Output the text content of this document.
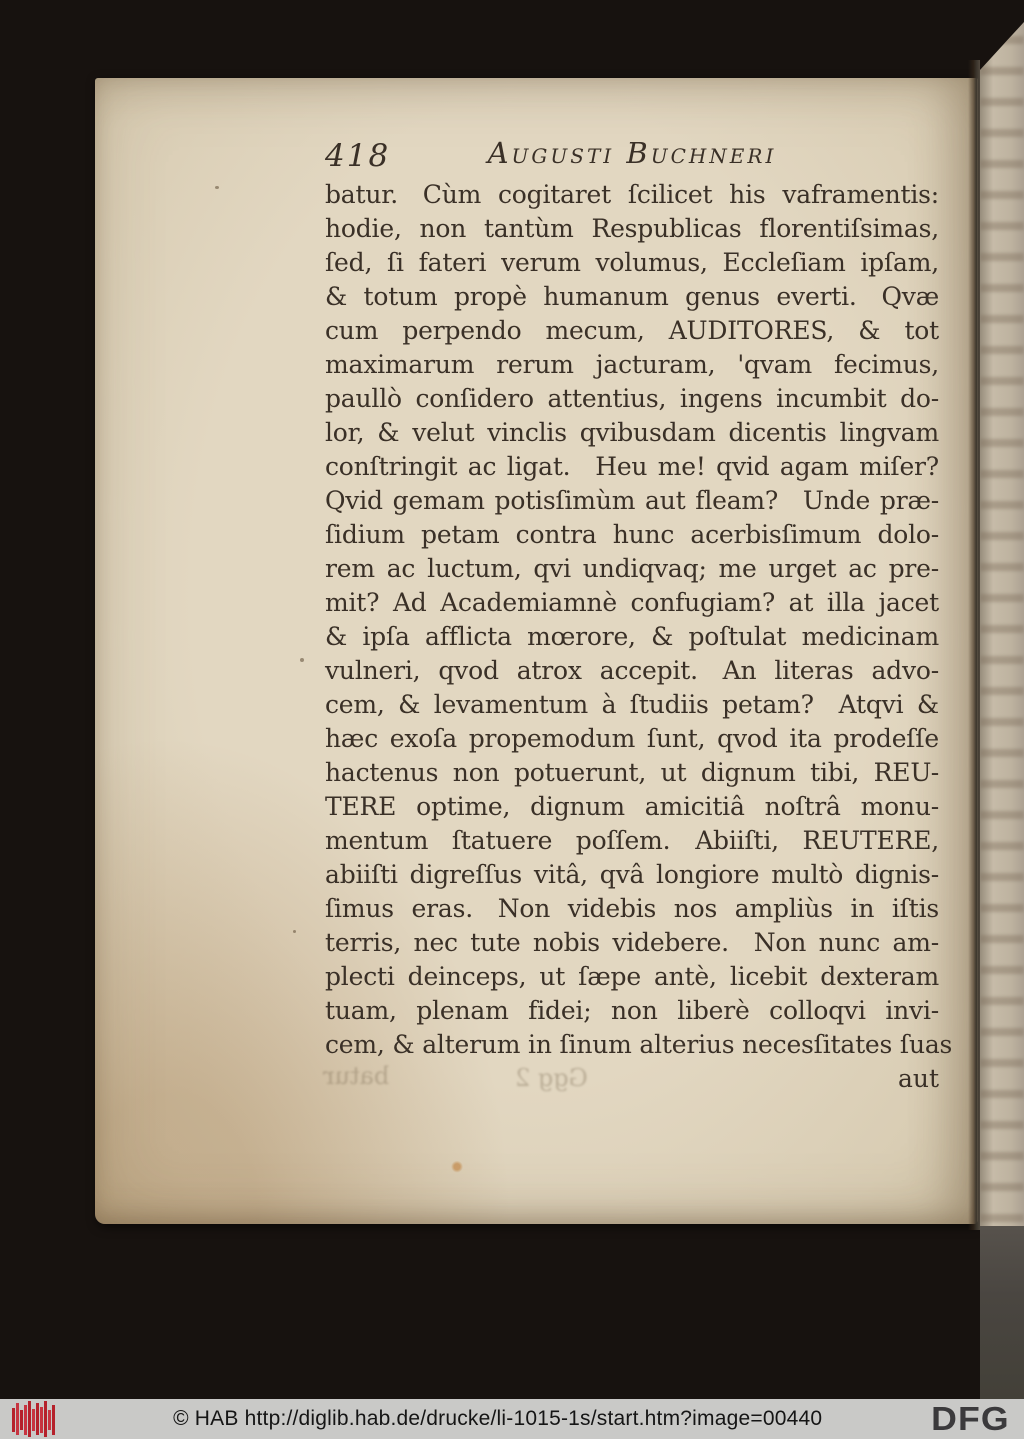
418	Augusti Buchneri
batur. Cùm cogitaret ſcilicet his vaframentis:
hodie, non tantùm Respublicas florentiſsimas,
ſed, ſi fateri verum volumus, Eccleſiam ipſam,
& totum propè humanum genus everti. Qvæ
cum perpendo mecum, AUDITORES, & tot
maximarum rerum jacturam, 'qvam fecimus,
paullò conſidero attentius, ingens incumbit do-
lor, & velut vinclis qvibusdam dicentis lingvam
conſtringit ac ligat. Heu me! qvid agam miſer?
Qvid gemam potisſimùm aut fleam? Unde præ-
ſidium petam contra hunc acerbisſimum dolo-
rem ac luctum, qvi undiqvaq; me urget ac pre-
mit? Ad Academiamnè confugiam? at illa jacet
& ipſa afflicta mœrore, & poſtulat medicinam
vulneri, qvod atrox accepit. An literas advo-
cem, & levamentum à ſtudiis petam? Atqvi &
hæc exoſa propemodum ſunt, qvod ita prodeſſe
hactenus non potuerunt, ut dignum tibi, REU-
TERE optime, dignum amicitiâ noſtrâ monu-
mentum ſtatuere poſſem. Abiiſti, REUTERE,
abiiſti digreſſus vitâ, qvâ longiore multò dignis-
ſimus eras. Non videbis nos ampliùs in iſtis
terris, nec tute nobis videbere. Non nunc am-
plecti deinceps, ut ſæpe antè, licebit dexteram
tuam, plenam fidei; non liberè colloqvi invi-
cem, & alterum in ſinum alterius necesſitates ſuas
aut
Ggg 2
batur
© HAB http://diglib.hab.de/drucke/li-1015-1s/start.htm?image=00440	DFG
